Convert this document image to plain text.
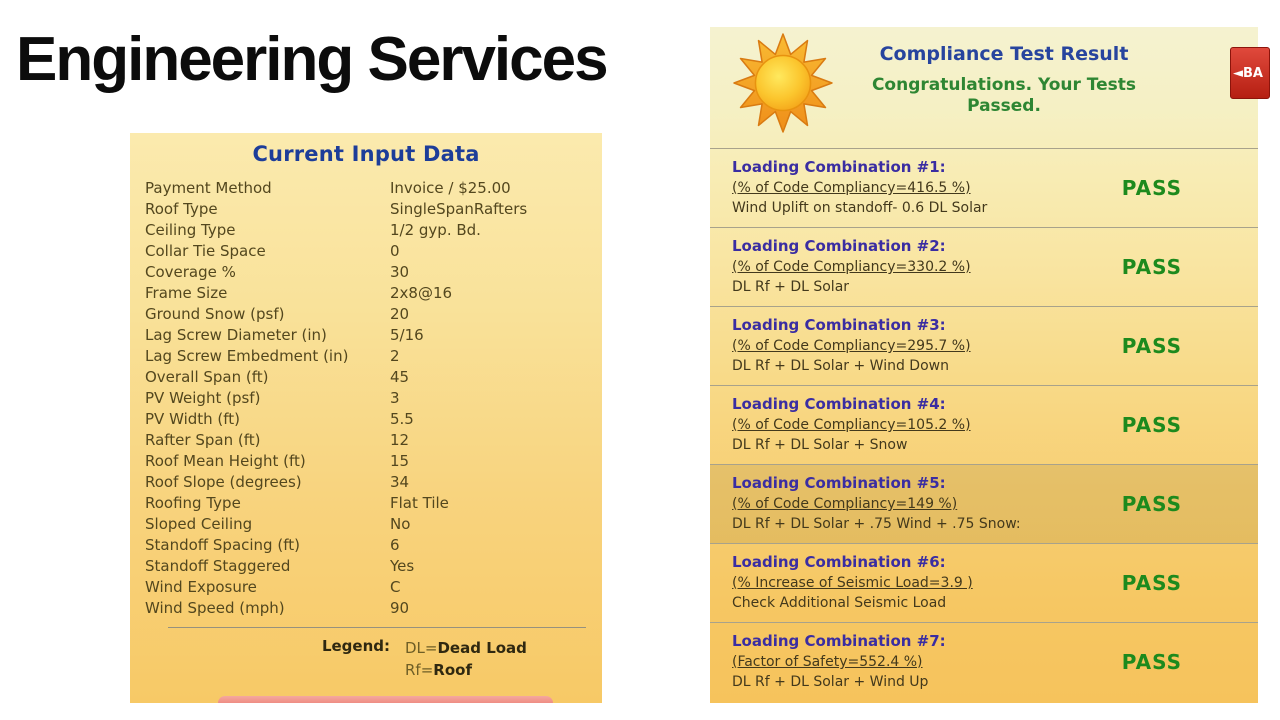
Engineering Services
Current Input Data
Payment Method	Invoice / $25.00
Roof Type	SingleSpanRafters
Ceiling Type	1/2 gyp. Bd.
Collar Tie Space	0
Coverage %	30
Frame Size	2x8@16
Ground Snow (psf)	20
Lag Screw Diameter (in)	5/16
Lag Screw Embedment (in)	2
Overall Span (ft)	45
PV Weight (psf)	3
PV Width (ft)	5.5
Rafter Span (ft)	12
Roof Mean Height (ft)	15
Roof Slope (degrees)	34
Roofing Type	Flat Tile
Sloped Ceiling	No
Standoff Spacing (ft)	6
Standoff Staggered	Yes
Wind Exposure	C
Wind Speed (mph)	90
Legend: DL=Dead Load
Rf=Roof
Compliance Test Result
Congratulations. Your Tests Passed.
◄BA
Loading Combination #1:
(% of Code Compliancy=416.5 %)
Wind Uplift on standoff- 0.6 DL Solar
PASS
Loading Combination #2:
(% of Code Compliancy=330.2 %)
DL Rf + DL Solar
PASS
Loading Combination #3:
(% of Code Compliancy=295.7 %)
DL Rf + DL Solar + Wind Down
PASS
Loading Combination #4:
(% of Code Compliancy=105.2 %)
DL Rf + DL Solar + Snow
PASS
Loading Combination #5:
(% of Code Compliancy=149 %)
DL Rf + DL Solar + .75 Wind + .75 Snow:
PASS
Loading Combination #6:
(% Increase of Seismic Load=3.9 )
Check Additional Seismic Load
PASS
Loading Combination #7:
(Factor of Safety=552.4 %)
DL Rf + DL Solar + Wind Up
PASS
